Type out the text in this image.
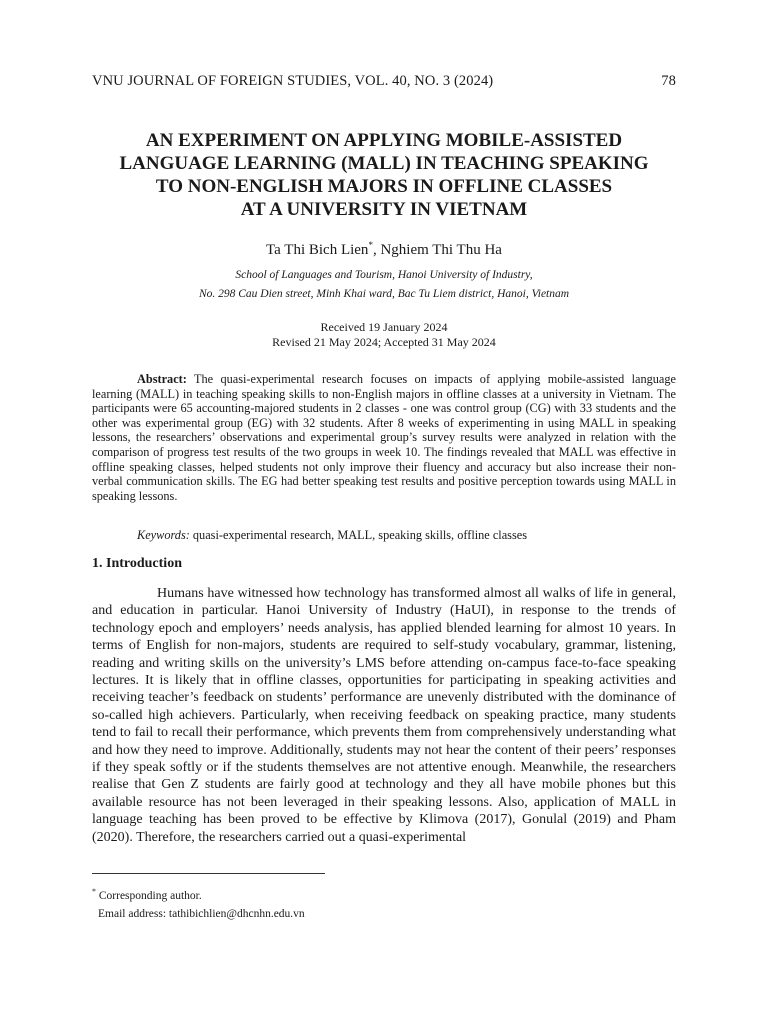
VNU JOURNAL OF FOREIGN STUDIES, VOL. 40, NO. 3 (2024)	78
AN EXPERIMENT ON APPLYING MOBILE-ASSISTED
LANGUAGE LEARNING (MALL) IN TEACHING SPEAKING
TO NON-ENGLISH MAJORS IN OFFLINE CLASSES
AT A UNIVERSITY IN VIETNAM
Ta Thi Bich Lien*, Nghiem Thi Thu Ha
School of Languages and Tourism, Hanoi University of Industry,
No. 298 Cau Dien street, Minh Khai ward, Bac Tu Liem district, Hanoi, Vietnam
Received 19 January 2024
Revised 21 May 2024; Accepted 31 May 2024
Abstract: The quasi-experimental research focuses on impacts of applying mobile-assisted language learning (MALL) in teaching speaking skills to non-English majors in offline classes at a university in Vietnam. The participants were 65 accounting-majored students in 2 classes - one was control group (CG) with 33 students and the other was experimental group (EG) with 32 students. After 8 weeks of experimenting in using MALL in speaking lessons, the researchers’ observations and experimental group’s survey results were analyzed in relation with the comparison of progress test results of the two groups in week 10. The findings revealed that MALL was effective in offline speaking classes, helped students not only improve their fluency and accuracy but also increase their non-verbal communication skills. The EG had better speaking test results and positive perception towards using MALL in speaking lessons.
Keywords: quasi-experimental research, MALL, speaking skills, offline classes
1. Introduction
Humans have witnessed how technology has transformed almost all walks of life in general, and education in particular. Hanoi University of Industry (HaUI), in response to the trends of technology epoch and employers’ needs analysis, has applied blended learning for almost 10 years. In terms of English for non-majors, students are required to self-study vocabulary, grammar, listening, reading and writing skills on the university’s LMS before attending on-campus face-to-face speaking lectures. It is likely that in offline classes, opportunities for participating in speaking activities and receiving teacher’s feedback on students’ performance are unevenly distributed with the dominance of so-called high achievers. Particularly, when receiving feedback on speaking practice, many students tend to fail to recall their performance, which prevents them from comprehensively understanding what and how they need to improve. Additionally, students may not hear the content of their peers’ responses if they speak softly or if the students themselves are not attentive enough. Meanwhile, the researchers realise that Gen Z students are fairly good at technology and they all have mobile phones but this available resource has not been leveraged in their speaking lessons. Also, application of MALL in language teaching has been proved to be effective by Klimova (2017), Gonulal (2019) and Pham (2020). Therefore, the researchers carried out a quasi-experimental
* Corresponding author.
Email address: tathibichlien@dhcnhn.edu.vn
